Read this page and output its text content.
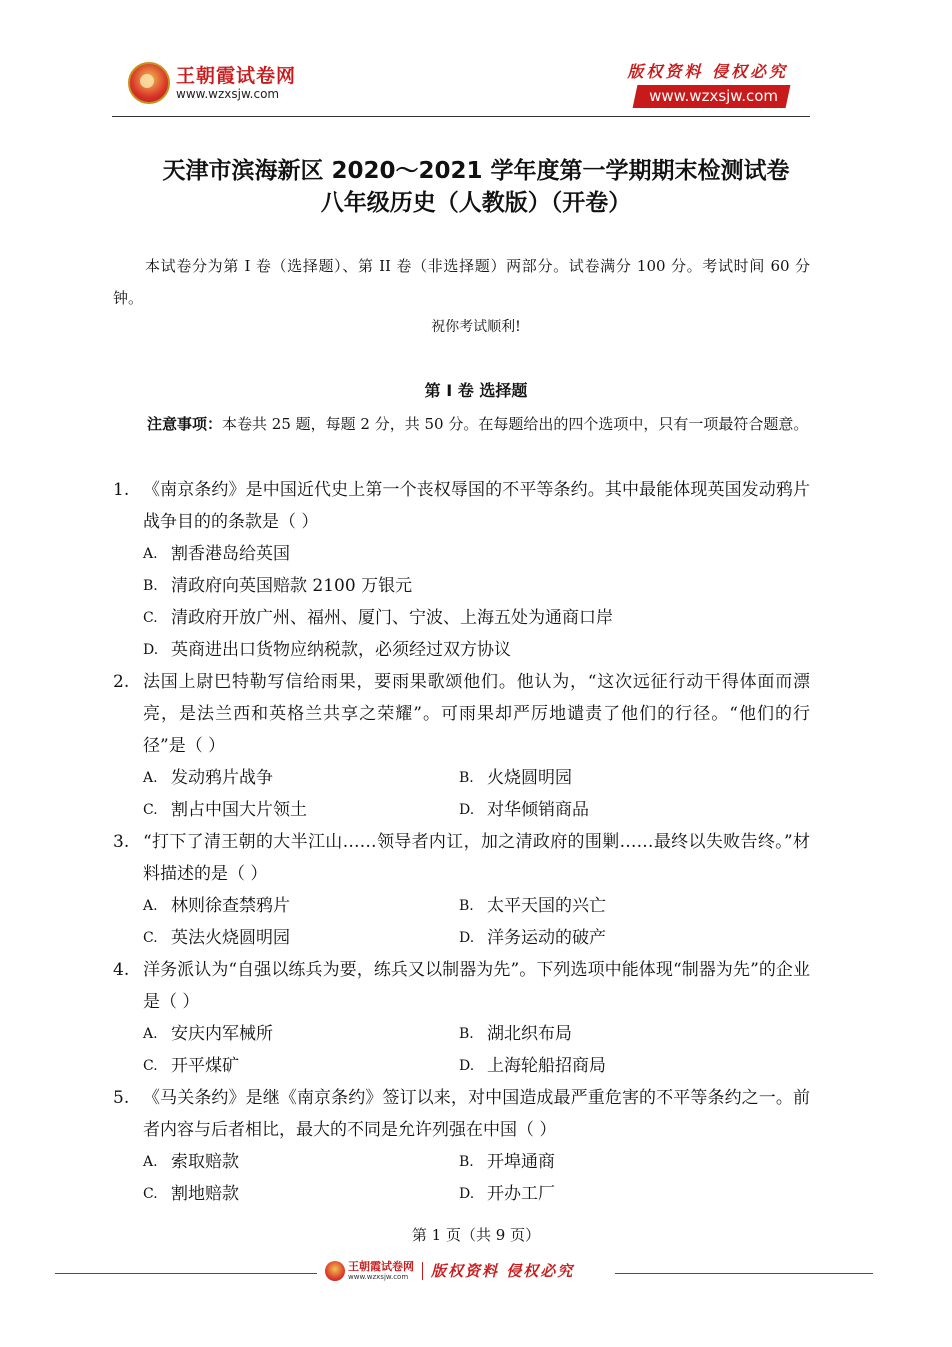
王朝霞试卷网
www.wzxsjw.com
版权资料 侵权必究
www.wzxsjw.com
天津市滨海新区 2020～2021 学年度第一学期期末检测试卷
八年级历史（人教版）（开卷）
本试卷分为第 I 卷（选择题）、第 II 卷（非选择题）两部分。试卷满分 100 分。考试时间 60 分钟。
祝你考试顺利!
第 I 卷 选择题
注意事项：本卷共 25 题，每题 2 分，共 50 分。在每题给出的四个选项中，只有一项最符合题意。
1. 《南京条约》是中国近代史上第一个丧权辱国的不平等条约。其中最能体现英国发动鸦片战争目的的条款是（ ）
A. 割香港岛给英国
B. 清政府向英国赔款 2100 万银元
C. 清政府开放广州、福州、厦门、宁波、上海五处为通商口岸
D. 英商进出口货物应纳税款，必须经过双方协议
2. 法国上尉巴特勒写信给雨果，要雨果歌颂他们。他认为，“这次远征行动干得体面而漂亮，是法兰西和英格兰共享之荣耀”。可雨果却严厉地谴责了他们的行径。“他们的行径”是（ ）
A. 发动鸦片战争	B. 火烧圆明园
C. 割占中国大片领土	D. 对华倾销商品
3. “打下了清王朝的大半江山……领导者内讧，加之清政府的围剿……最终以失败告终。”材料描述的是（ ）
A. 林则徐查禁鸦片	B. 太平天国的兴亡
C. 英法火烧圆明园	D. 洋务运动的破产
4. 洋务派认为“自强以练兵为要，练兵又以制器为先”。下列选项中能体现“制器为先”的企业是（ ）
A. 安庆内军械所	B. 湖北织布局
C. 开平煤矿	D. 上海轮船招商局
5. 《马关条约》是继《南京条约》签订以来，对中国造成最严重危害的不平等条约之一。前者内容与后者相比，最大的不同是允许列强在中国（ ）
A. 索取赔款	B. 开埠通商
C. 割地赔款	D. 开办工厂
第 1 页（共 9 页）
王朝霞试卷网
www.wzxsjw.com	版权资料 侵权必究
